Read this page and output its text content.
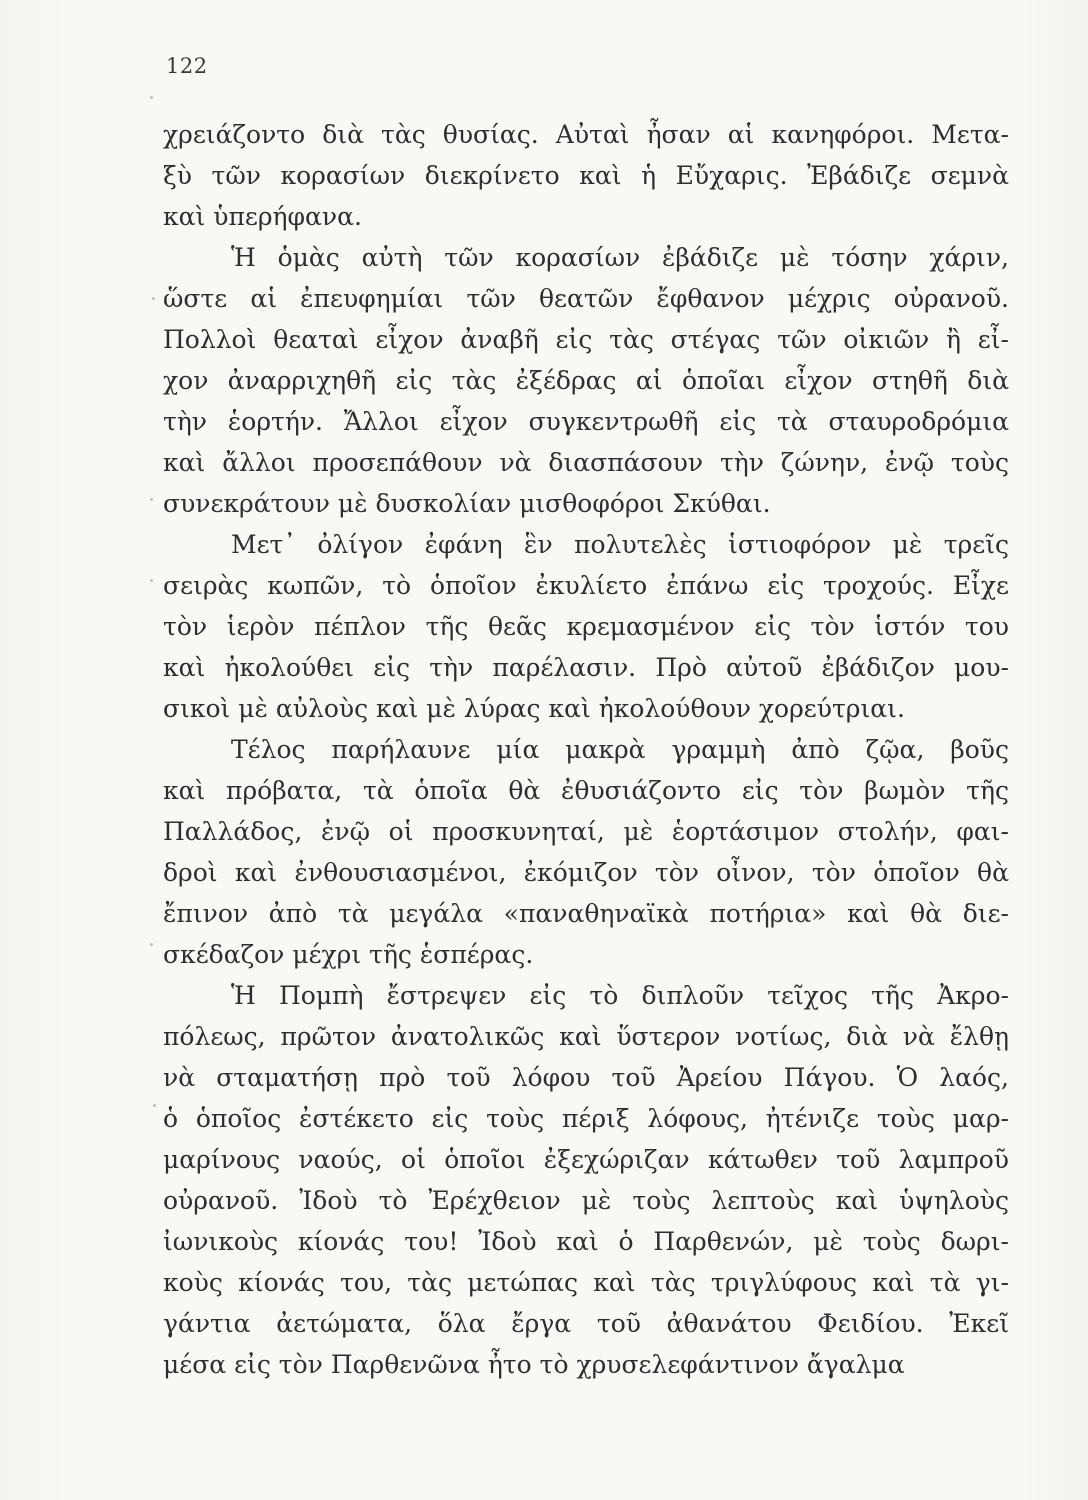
122
χρειάζοντο διὰ τὰς θυσίας. Αὐταὶ ἦσαν αἱ κανηφόροι. Μετα-
ξὺ τῶν κορασίων διεκρίνετο καὶ ἡ Εὔχαρις. Ἐβάδιζε σεμνὰ
καὶ ὑπερήφανα.
Ἡ ὁμὰς αὐτὴ τῶν κορασίων ἐβάδιζε μὲ τόσην χάριν,
ὥστε αἱ ἐπευφημίαι τῶν θεατῶν ἔφθανον μέχρις οὐρανοῦ.
Πολλοὶ θεαταὶ εἶχον ἀναβῆ εἰς τὰς στέγας τῶν οἰκιῶν ἢ εἶ-
χον ἀναρριχηθῆ εἰς τὰς ἐξέδρας αἱ ὁποῖαι εἶχον στηθῆ διὰ
τὴν ἑορτήν. Ἄλλοι εἶχον συγκεντρωθῆ εἰς τὰ σταυροδρόμια
καὶ ἄλλοι προσεπάθουν νὰ διασπάσουν τὴν ζώνην, ἐνῷ τοὺς
συνεκράτουν μὲ δυσκολίαν μισθοφόροι Σκύθαι.
Μετ᾽ ὀλίγον ἐφάνη ἓν πολυτελὲς ἱστιοφόρον μὲ τρεῖς
σειρὰς κωπῶν, τὸ ὁποῖον ἐκυλίετο ἐπάνω εἰς τροχούς. Εἶχε
τὸν ἱερὸν πέπλον τῆς θεᾶς κρεμασμένον εἰς τὸν ἱστόν του
καὶ ἠκολούθει εἰς τὴν παρέλασιν. Πρὸ αὐτοῦ ἐβάδιζον μου-
σικοὶ μὲ αὐλοὺς καὶ μὲ λύρας καὶ ἠκολούθουν χορεύτριαι.
Τέλος παρήλαυνε μία μακρὰ γραμμὴ ἀπὸ ζῷα, βοῦς
καὶ πρόβατα, τὰ ὁποῖα θὰ ἐθυσιάζοντο εἰς τὸν βωμὸν τῆς
Παλλάδος, ἐνῷ οἱ προσκυνηταί, μὲ ἑορτάσιμον στολήν, φαι-
δροὶ καὶ ἐνθουσιασμένοι, ἐκόμιζον τὸν οἶνον, τὸν ὁποῖον θὰ
ἔπινον ἀπὸ τὰ μεγάλα «παναθηναϊκὰ ποτήρια» καὶ θὰ διε-
σκέδαζον μέχρι τῆς ἑσπέρας.
Ἡ Πομπὴ ἔστρεψεν εἰς τὸ διπλοῦν τεῖχος τῆς Ἀκρο-
πόλεως, πρῶτον ἀνατολικῶς καὶ ὕστερον νοτίως, διὰ νὰ ἔλθῃ
νὰ σταματήσῃ πρὸ τοῦ λόφου τοῦ Ἀρείου Πάγου. Ὁ λαός,
ὁ ὁποῖος ἐστέκετο εἰς τοὺς πέριξ λόφους, ἠτένιζε τοὺς μαρ-
μαρίνους ναούς, οἱ ὁποῖοι ἐξεχώριζαν κάτωθεν τοῦ λαμπροῦ
οὐρανοῦ. Ἰδοὺ τὸ Ἐρέχθειον μὲ τοὺς λεπτοὺς καὶ ὑψηλοὺς
ἰωνικοὺς κίονάς του! Ἰδοὺ καὶ ὁ Παρθενών, μὲ τοὺς δωρι-
κοὺς κίονάς του, τὰς μετώπας καὶ τὰς τριγλύφους καὶ τὰ γι-
γάντια ἀετώματα, ὅλα ἔργα τοῦ ἀθανάτου Φειδίου. Ἐκεῖ
μέσα εἰς τὸν Παρθενῶνα ἦτο τὸ χρυσελεφάντινον ἄγαλμα
